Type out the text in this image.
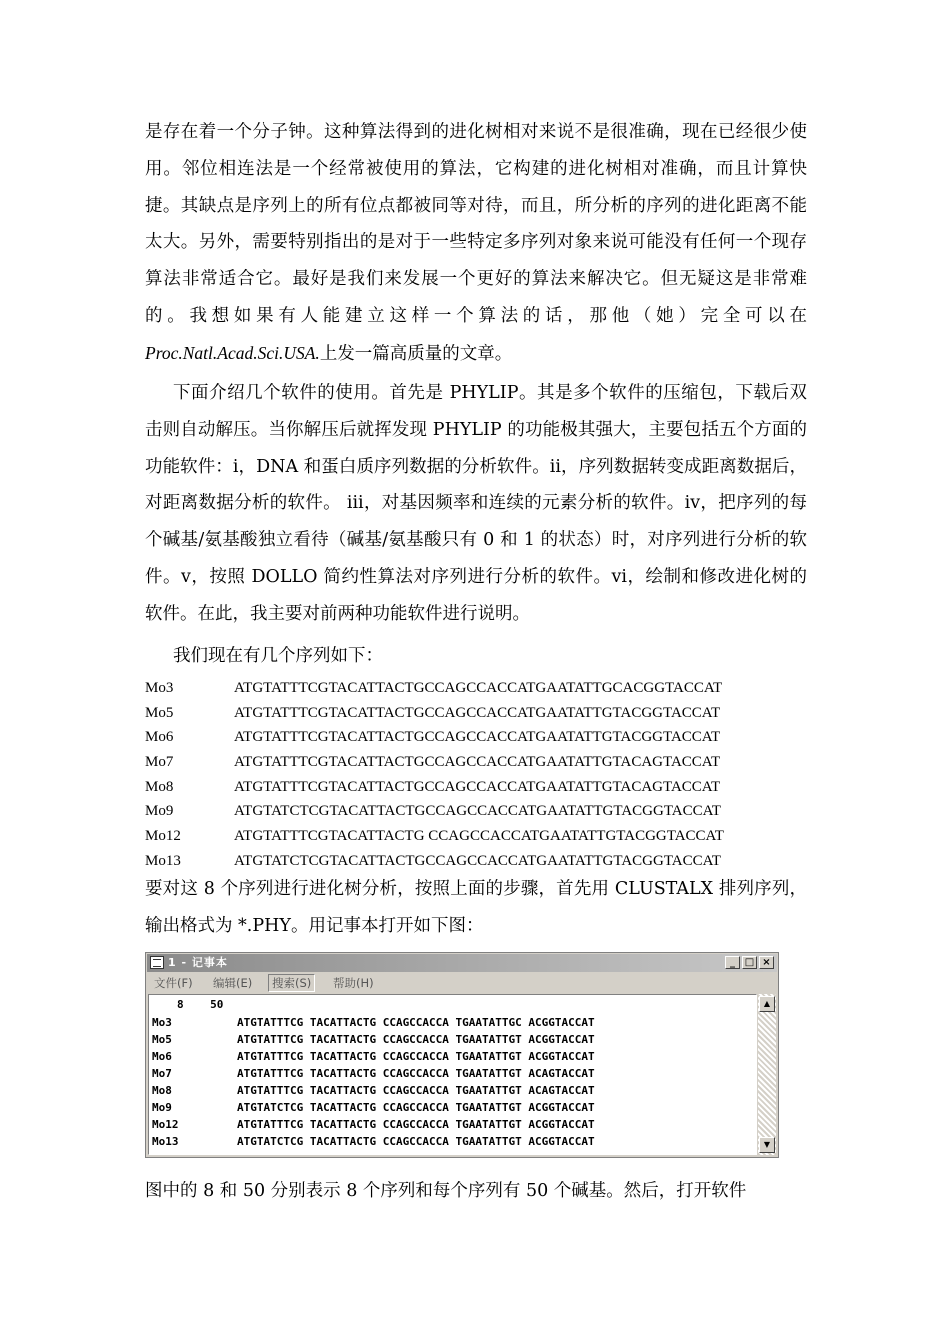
是存在着一个分子钟。这种算法得到的进化树相对来说不是很准确，现在已经很少使用。邻位相连法是一个经常被使用的算法，它构建的进化树相对准确，而且计算快捷。其缺点是序列上的所有位点都被同等对待，而且，所分析的序列的进化距离不能太大。另外，需要特别指出的是对于一些特定多序列对象来说可能没有任何一个现存算法非常适合它。最好是我们来发展一个更好的算法来解决它。但无疑这是非常难的。我想如果有人能建立这样一个算法的话，那他（她）完全可以在 Proc.Natl.Acad.Sci.USA.上发一篇高质量的文章。

下面介绍几个软件的使用。首先是 PHYLIP。其是多个软件的压缩包，下载后双击则自动解压。当你解压后就挥发现 PHYLIP 的功能极其强大，主要包括五个方面的功能软件：i，DNA 和蛋白质序列数据的分析软件。ii，序列数据转变成距离数据后，对距离数据分析的软件。 iii，对基因频率和连续的元素分析的软件。iv，把序列的每个碱基/氨基酸独立看待（碱基/氨基酸只有 0 和 1 的状态）时，对序列进行分析的软件。v，按照 DOLLO 简约性算法对序列进行分析的软件。vi，绘制和修改进化树的软件。在此，我主要对前两种功能软件进行说明。

我们现在有几个序列如下：

Mo3	ATGTATTTCGTACATTACTGCCAGCCACCATGAATATTGCACGGTACCAT
Mo5	ATGTATTTCGTACATTACTGCCAGCCACCATGAATATTGTACGGTACCAT
Mo6	ATGTATTTCGTACATTACTGCCAGCCACCATGAATATTGTACGGTACCAT
Mo7	ATGTATTTCGTACATTACTGCCAGCCACCATGAATATTGTACAGTACCAT
Mo8	ATGTATTTCGTACATTACTGCCAGCCACCATGAATATTGTACAGTACCAT
Mo9	ATGTATCTCGTACATTACTGCCAGCCACCATGAATATTGTACGGTACCAT
Mo12	ATGTATTTCGTACATTACTG CCAGCCACCATGAATATTGTACGGTACCAT
Mo13	ATGTATCTCGTACATTACTGCCAGCCACCATGAATATTGTACGGTACCAT

要对这 8 个序列进行进化树分析，按照上面的步骤，首先用 CLUSTALX 排列序列，输出格式为 *.PHY。用记事本打开如下图：

1 - 记事本	_ □ ×
文件(F) 编辑(E)	搜索(S)	帮助(H)
8    50
Mo3	ATGTATTTCG TACATTACTG CCAGCCACCA TGAATATTGC ACGGTACCAT
Mo5	ATGTATTTCG TACATTACTG CCAGCCACCA TGAATATTGT ACGGTACCAT
Mo6	ATGTATTTCG TACATTACTG CCAGCCACCA TGAATATTGT ACGGTACCAT
Mo7	ATGTATTTCG TACATTACTG CCAGCCACCA TGAATATTGT ACAGTACCAT
Mo8	ATGTATTTCG TACATTACTG CCAGCCACCA TGAATATTGT ACAGTACCAT
Mo9	ATGTATCTCG TACATTACTG CCAGCCACCA TGAATATTGT ACGGTACCAT
Mo12	ATGTATTTCG TACATTACTG CCAGCCACCA TGAATATTGT ACGGTACCAT
Mo13	ATGTATCTCG TACATTACTG CCAGCCACCA TGAATATTGT ACGGTACCAT
▲
▼

图中的 8 和 50 分别表示 8 个序列和每个序列有 50 个碱基。然后，打开软件
